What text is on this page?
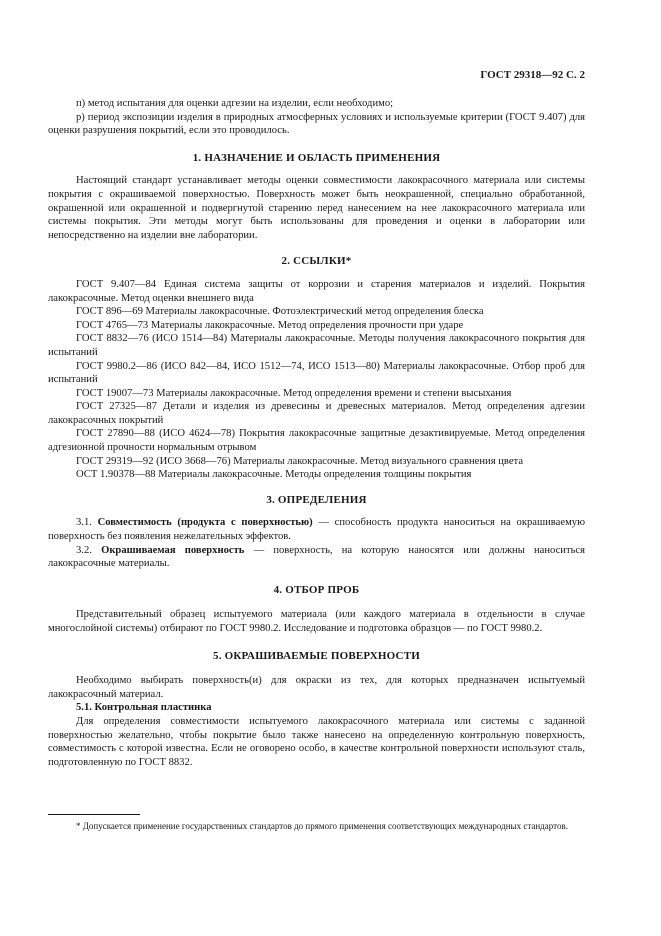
ГОСТ 29318—92 С. 2

п) метод испытания для оценки адгезии на изделии, если необходимо;

р) период экспозиции изделия в природных атмосферных условиях и используемые критерии (ГОСТ 9.407) для оценки разрушения покрытий, если это проводилось.

1. НАЗНАЧЕНИЕ И ОБЛАСТЬ ПРИМЕНЕНИЯ

Настоящий стандарт устанавливает методы оценки совместимости лакокрасочного материала или системы покрытия с окрашиваемой поверхностью. Поверхность может быть неокрашенной, специально обработанной, окрашенной или окрашенной и подвергнутой старению перед нанесением на нее лакокрасочного материала или системы покрытия. Эти методы могут быть использованы для проведения и оценки в лаборатории или непосредственно на изделии вне лаборатории.

2. ССЫЛКИ*

ГОСТ 9.407—84 Единая система защиты от коррозии и старения материалов и изделий. Покрытия лакокрасочные. Метод оценки внешнего вида

ГОСТ 896—69 Материалы лакокрасочные. Фотоэлектрический метод определения блеска

ГОСТ 4765—73 Материалы лакокрасочные. Метод определения прочности при ударе

ГОСТ 8832—76 (ИСО 1514—84) Материалы лакокрасочные. Методы получения лакокрасочного покрытия для испытаний

ГОСТ 9980.2—86 (ИСО 842—84, ИСО 1512—74, ИСО 1513—80) Материалы лакокрасочные. Отбор проб для испытаний

ГОСТ 19007—73 Материалы лакокрасочные. Метод определения времени и степени высыхания

ГОСТ 27325—87 Детали и изделия из древесины и древесных материалов. Метод определения адгезии лакокрасочных покрытий

ГОСТ 27890—88 (ИСО 4624—78) Покрытия лакокрасочные защитные дезактивируемые. Метод определения адгезионной прочности нормальным отрывом

ГОСТ 29319—92 (ИСО 3668—76) Материалы лакокрасочные. Метод визуального сравнения цвета

ОСТ 1.90378—88 Материалы лакокрасочные. Методы определения толщины покрытия

3. ОПРЕДЕЛЕНИЯ

3.1. Совместимость (продукта с поверхностью) — способность продукта наноситься на окрашиваемую поверхность без появления нежелательных эффектов.

3.2. Окрашиваемая поверхность — поверхность, на которую наносятся или должны наноситься лакокрасочные материалы.

4. ОТБОР ПРОБ

Представительный образец испытуемого материала (или каждого материала в отдельности в случае многослойной системы) отбирают по ГОСТ 9980.2. Исследование и подготовка образцов — по ГОСТ 9980.2.

5. ОКРАШИВАЕМЫЕ ПОВЕРХНОСТИ

Необходимо выбирать поверхность(и) для окраски из тех, для которых предназначен испытуемый лакокрасочный материал.

5.1. Контрольная пластинка

Для определения совместимости испытуемого лакокрасочного материала или системы с заданной поверхностью желательно, чтобы покрытие было также нанесено на определенную контрольную поверхность, совместимость с которой известна. Если не оговорено особо, в качестве контрольной поверхности используют сталь, подготовленную по ГОСТ 8832.

* Допускается применение государственных стандартов до прямого применения соответствующих международных стандартов.
